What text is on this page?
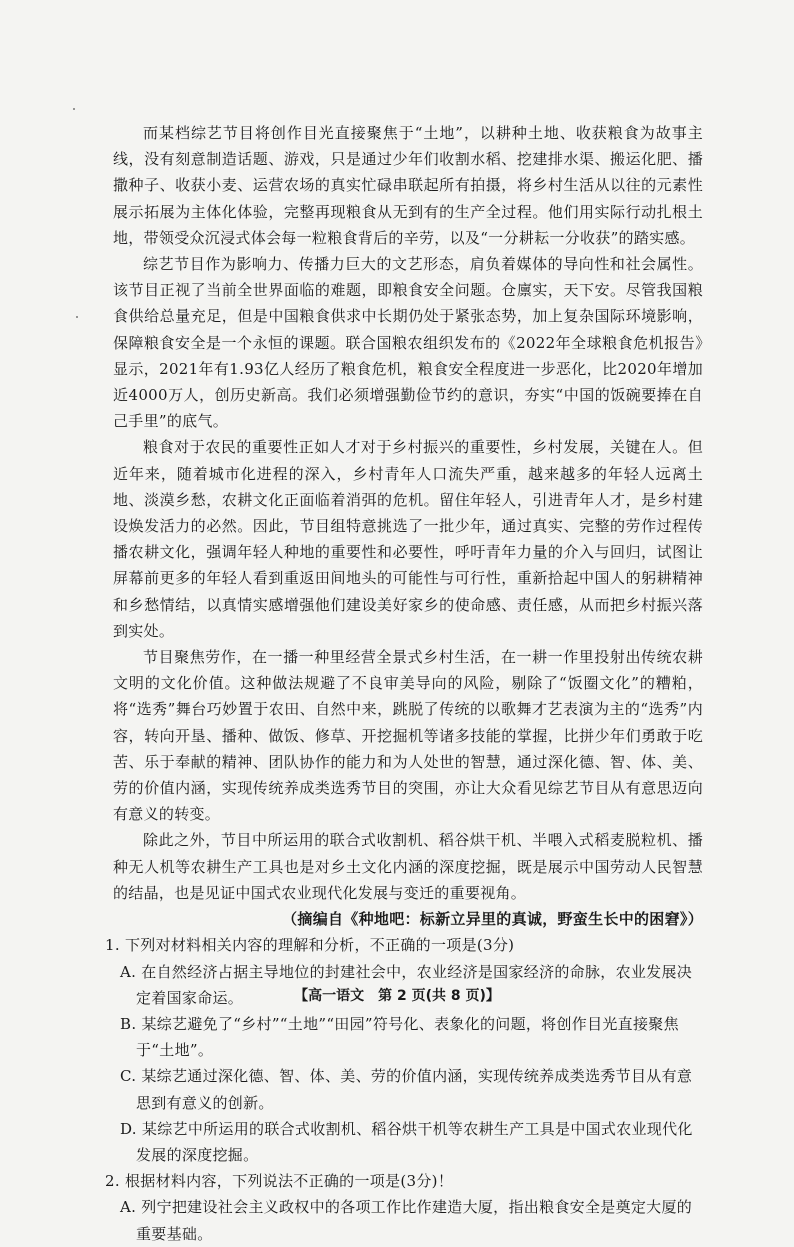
而某档综艺节目将创作目光直接聚焦于“土地”，以耕种土地、收获粮食为故事主线，没有刻意制造话题、游戏，只是通过少年们收割水稻、挖建排水渠、搬运化肥、播撒种子、收获小麦、运营农场的真实忙碌串联起所有拍摄，将乡村生活从以往的元素性展示拓展为主体化体验，完整再现粮食从无到有的生产全过程。他们用实际行动扎根土地，带领受众沉浸式体会每一粒粮食背后的辛劳，以及“一分耕耘一分收获”的踏实感。

综艺节目作为影响力、传播力巨大的文艺形态，肩负着媒体的导向性和社会属性。该节目正视了当前全世界面临的难题，即粮食安全问题。仓廪实，天下安。尽管我国粮食供给总量充足，但是中国粮食供求中长期仍处于紧张态势，加上复杂国际环境影响，保障粮食安全是一个永恒的课题。联合国粮农组织发布的《2022年全球粮食危机报告》显示，2021年有1.93亿人经历了粮食危机，粮食安全程度进一步恶化，比2020年增加近4000万人，创历史新高。我们必须增强勤俭节约的意识，夯实“中国的饭碗要捧在自己手里”的底气。

粮食对于农民的重要性正如人才对于乡村振兴的重要性，乡村发展，关键在人。但近年来，随着城市化进程的深入，乡村青年人口流失严重，越来越多的年轻人远离土地、淡漠乡愁，农耕文化正面临着消弭的危机。留住年轻人，引进青年人才，是乡村建设焕发活力的必然。因此，节目组特意挑选了一批少年，通过真实、完整的劳作过程传播农耕文化，强调年轻人种地的重要性和必要性，呼吁青年力量的介入与回归，试图让屏幕前更多的年轻人看到重返田间地头的可能性与可行性，重新拾起中国人的躬耕精神和乡愁情结，以真情实感增强他们建设美好家乡的使命感、责任感，从而把乡村振兴落到实处。

节目聚焦劳作，在一播一种里经营全景式乡村生活，在一耕一作里投射出传统农耕文明的文化价值。这种做法规避了不良审美导向的风险，剔除了“饭圈文化”的糟粕，将“选秀”舞台巧妙置于农田、自然中来，跳脱了传统的以歌舞才艺表演为主的“选秀”内容，转向开垦、播种、做饭、修草、开挖掘机等诸多技能的掌握，比拼少年们勇敢于吃苦、乐于奉献的精神、团队协作的能力和为人处世的智慧，通过深化德、智、体、美、劳的价值内涵，实现传统养成类选秀节目的突围，亦让大众看见综艺节目从有意思迈向有意义的转变。

除此之外，节目中所运用的联合式收割机、稻谷烘干机、半喂入式稻麦脱粒机、播种无人机等农耕生产工具也是对乡土文化内涵的深度挖掘，既是展示中国劳动人民智慧的结晶，也是见证中国式农业现代化发展与变迁的重要视角。

（摘编自《种地吧：标新立异里的真诚，野蛮生长中的困窘》）

1. 下列对材料相关内容的理解和分析，不正确的一项是(3分)

A. 在自然经济占据主导地位的封建社会中，农业经济是国家经济的命脉，农业发展决定着国家命运。

B. 某综艺避免了“乡村”“土地”“田园”符号化、表象化的问题，将创作目光直接聚焦于“土地”。

C. 某综艺通过深化德、智、体、美、劳的价值内涵，实现传统养成类选秀节目从有意思到有意义的创新。

D. 某综艺中所运用的联合式收割机、稻谷烘干机等农耕生产工具是中国式农业现代化发展的深度挖掘。

2. 根据材料内容，下列说法不正确的一项是(3分)！

A. 列宁把建设社会主义政权中的各项工作比作建造大厦，指出粮食安全是奠定大厦的重要基础。

【高一语文　第 2 页(共 8 页)】
